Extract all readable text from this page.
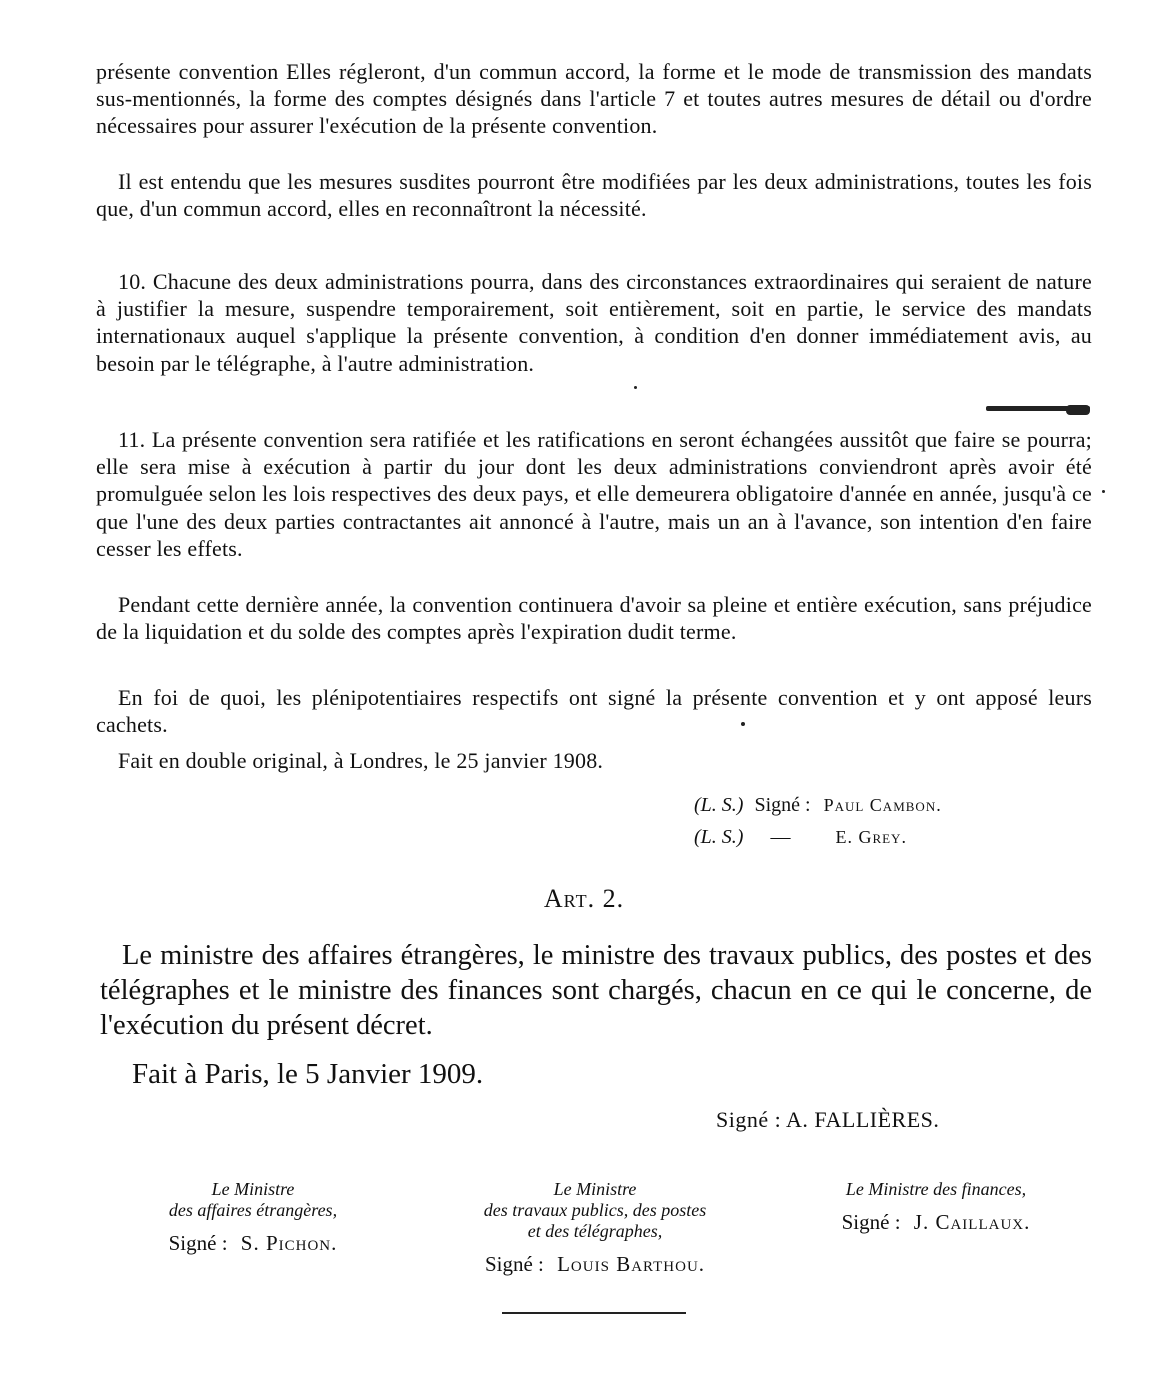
présente convention Elles régleront, d'un commun accord, la forme et le mode de transmission des mandats sus-mentionnés, la forme des comptes désignés dans l'article 7 et toutes autres mesures de détail ou d'ordre nécessaires pour assurer l'exécution de la présente convention.
Il est entendu que les mesures susdites pourront être modifiées par les deux administrations, toutes les fois que, d'un commun accord, elles en reconnaîtront la nécessité.
10. Chacune des deux administrations pourra, dans des circonstances extraordinaires qui seraient de nature à justifier la mesure, suspendre temporairement, soit entièrement, soit en partie, le service des mandats internationaux auquel s'applique la présente convention, à condition d'en donner immédiatement avis, au besoin par le télégraphe, à l'autre administration.
11. La présente convention sera ratifiée et les ratifications en seront échangées aussitôt que faire se pourra; elle sera mise à exécution à partir du jour dont les deux administrations conviendront après avoir été promulguée selon les lois respectives des deux pays, et elle demeurera obligatoire d'année en année, jusqu'à ce que l'une des deux parties contractantes ait annoncé à l'autre, mais un an à l'avance, son intention d'en faire cesser les effets.
Pendant cette dernière année, la convention continuera d'avoir sa pleine et entière exécution, sans préjudice de la liquidation et du solde des comptes après l'expiration dudit terme.
En foi de quoi, les plénipotentiaires respectifs ont signé la présente convention et y ont apposé leurs cachets.
Fait en double original, à Londres, le 25 janvier 1908.
(L. S.) Signé : Paul Cambon.
(L. S.) —	E. Grey.
Art. 2.
Le ministre des affaires étrangères, le ministre des travaux publics, des postes et des télégraphes et le ministre des finances sont chargés, chacun en ce qui le concerne, de l'exécution du présent décret.
Fait à Paris, le 5 Janvier 1909.
Signé : A. FALLIÈRES.
Le Ministre
des affaires étrangères,
Signé : S. Pichon.
Le Ministre
des travaux publics, des postes
et des télégraphes,
Signé : Louis Barthou.
Le Ministre des finances,
Signé : J. Caillaux.
